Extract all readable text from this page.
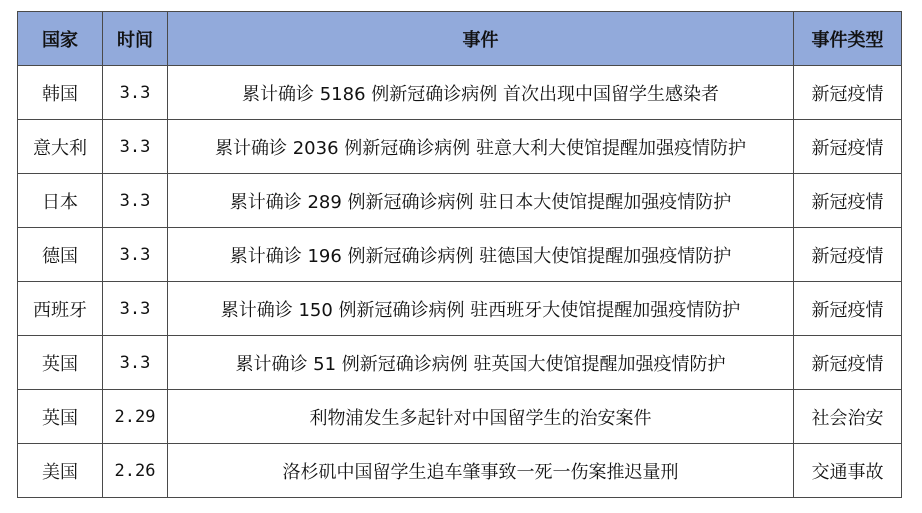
国家	时间	事件	事件类型
韩国	3.3	累计确诊 5186 例新冠确诊病例 首次出现中国留学生感染者	新冠疫情
意大利	3.3	累计确诊 2036 例新冠确诊病例 驻意大利大使馆提醒加强疫情防护	新冠疫情
日本	3.3	累计确诊 289 例新冠确诊病例 驻日本大使馆提醒加强疫情防护	新冠疫情
德国	3.3	累计确诊 196 例新冠确诊病例 驻德国大使馆提醒加强疫情防护	新冠疫情
西班牙	3.3	累计确诊 150 例新冠确诊病例 驻西班牙大使馆提醒加强疫情防护	新冠疫情
英国	3.3	累计确诊 51 例新冠确诊病例 驻英国大使馆提醒加强疫情防护	新冠疫情
英国	2.29	利物浦发生多起针对中国留学生的治安案件	社会治安
美国	2.26	洛杉矶中国留学生追车肇事致一死一伤案推迟量刑	交通事故
